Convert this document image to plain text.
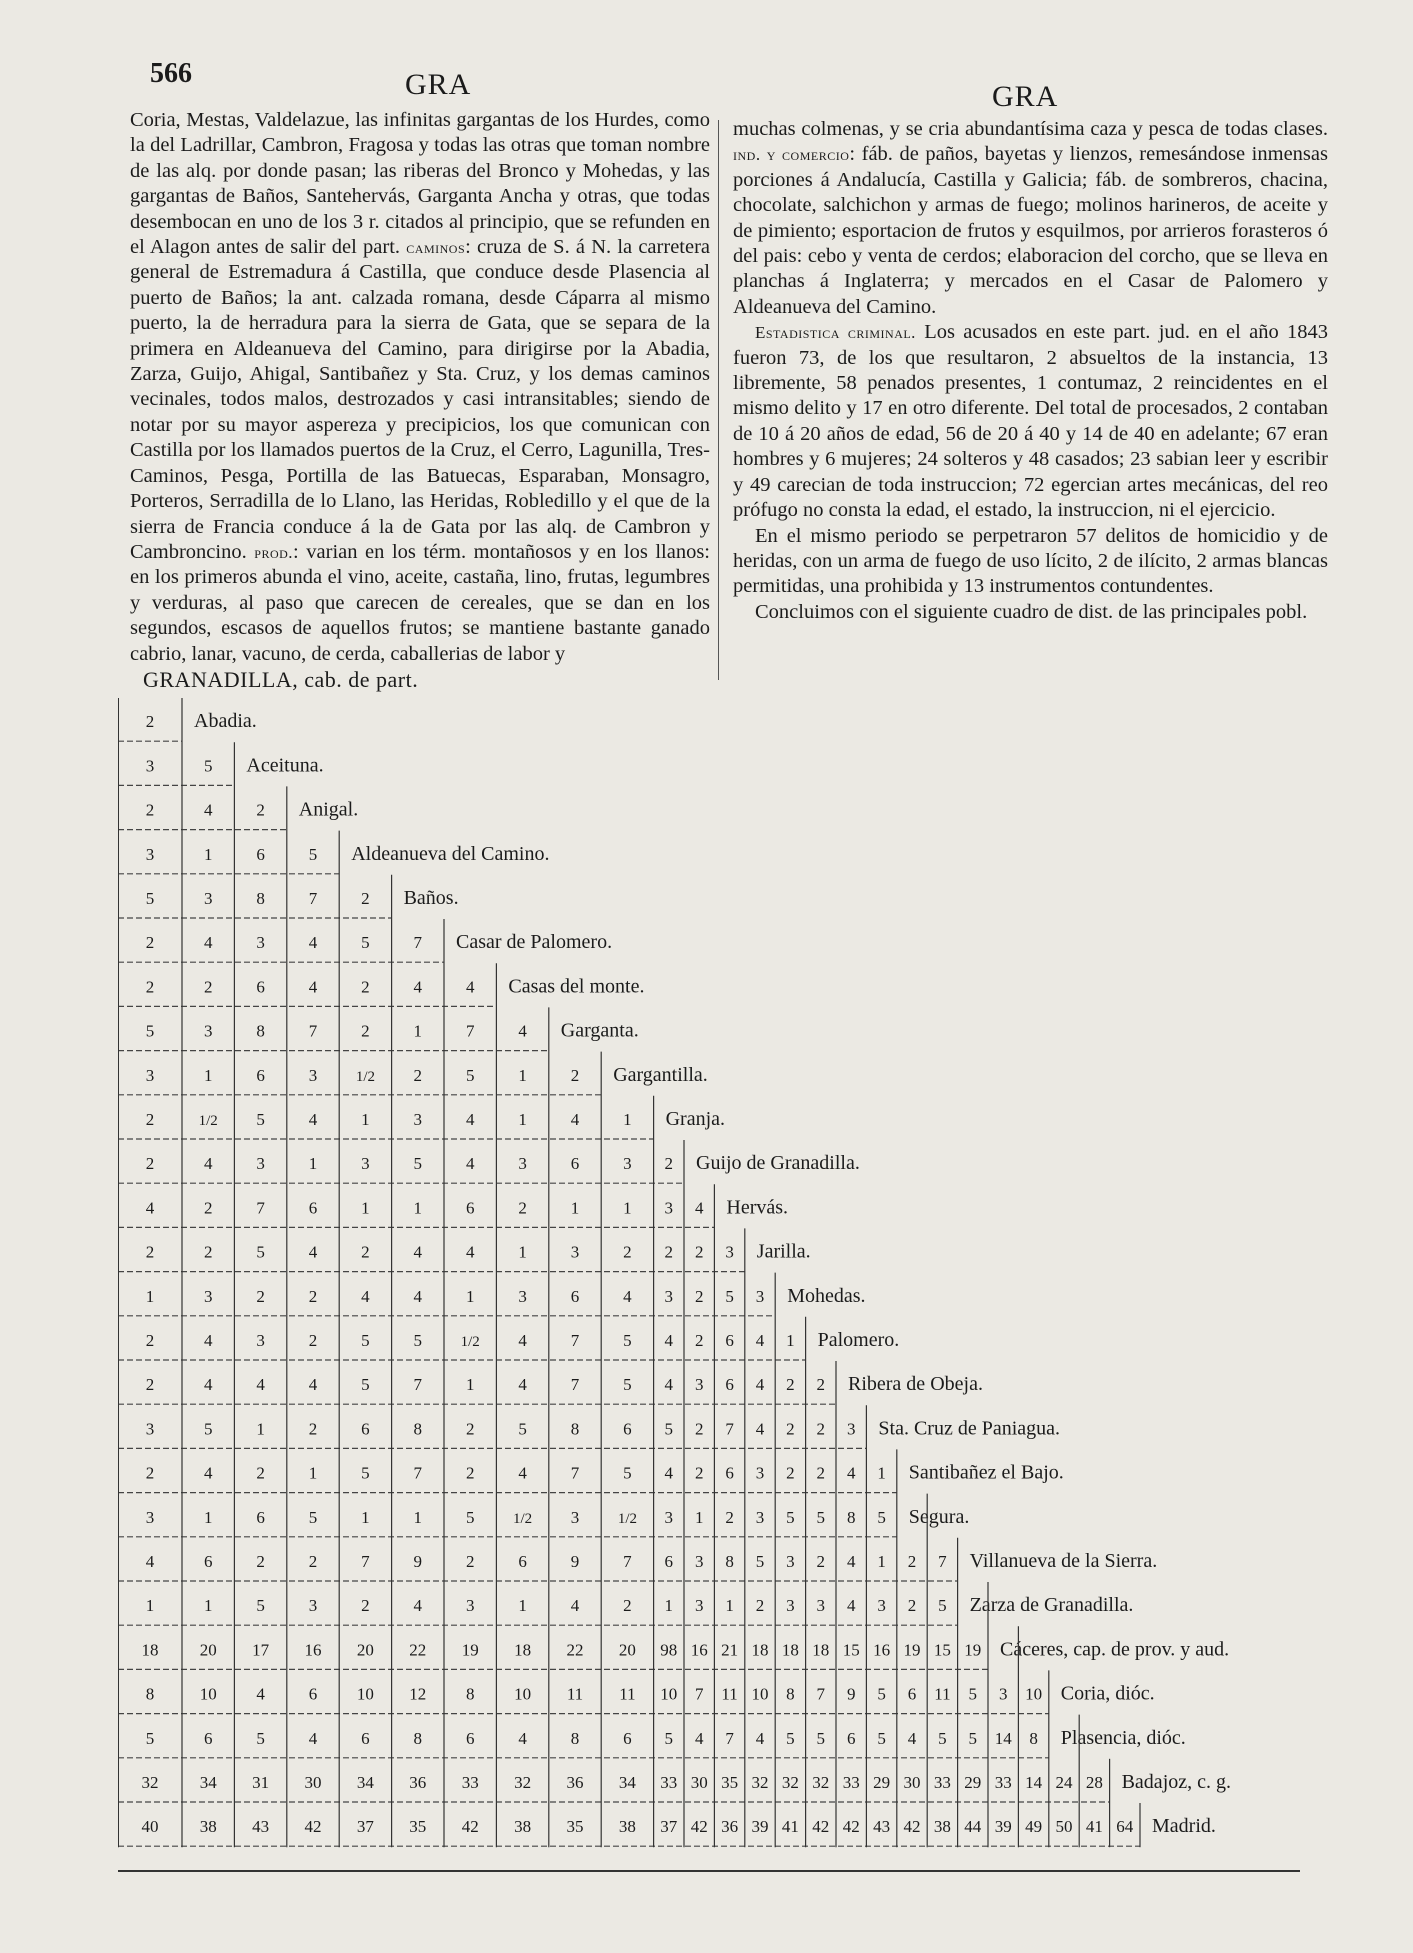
566	GRA	GRA

Coria, Mestas, Valdelazue, las infinitas gargantas de los Hurdes, como la del Ladrillar, Cambron, Fragosa y todas las otras que toman nombre de las alq. por donde pasan; las riberas del Bronco y Mohedas, y las gargantas de Baños, Santehervás, Garganta Ancha y otras, que todas desembocan en uno de los 3 r. citados al principio, que se refunden en el Alagon antes de salir del part. caminos: cruza de S. á N. la carretera general de Estremadura á Castilla, que conduce desde Plasencia al puerto de Baños; la ant. calzada romana, desde Cáparra al mismo puerto, la de herradura para la sierra de Gata, que se separa de la primera en Aldeanueva del Camino, para dirigirse por la Abadia, Zarza, Guijo, Ahigal, Santibañez y Sta. Cruz, y los demas caminos vecinales, todos malos, destrozados y casi intransitables; siendo de notar por su mayor aspereza y precipicios, los que comunican con Castilla por los llamados puertos de la Cruz, el Cerro, Lagunilla, Tres-Caminos, Pesga, Portilla de las Batuecas, Esparaban, Monsagro, Porteros, Serradilla de lo Llano, las Heridas, Robledillo y el que de la sierra de Francia conduce á la de Gata por las alq. de Cambron y Cambroncino. prod.: varian en los térm. montañosos y en los llanos: en los primeros abunda el vino, aceite, castaña, lino, frutas, legumbres y verduras, al paso que carecen de cereales, que se dan en los segundos, escasos de aquellos frutos; se mantiene bastante ganado cabrio, lanar, vacuno, de cerda, caballerias de labor y

muchas colmenas, y se cria abundantísima caza y pesca de todas clases. ind. y comercio: fáb. de paños, bayetas y lienzos, remesándose inmensas porciones á Andalucía, Castilla y Galicia; fáb. de sombreros, chacina, chocolate, salchichon y armas de fuego; molinos harineros, de aceite y de pimiento; esportacion de frutos y esquilmos, por arrieros forasteros ó del pais: cebo y venta de cerdos; elaboracion del corcho, que se lleva en planchas á Inglaterra; y mercados en el Casar de Palomero y Aldeanueva del Camino.

Estadistica criminal. Los acusados en este part. jud. en el año 1843 fueron 73, de los que resultaron, 2 absueltos de la instancia, 13 libremente, 58 penados presentes, 1 contumaz, 2 reincidentes en el mismo delito y 17 en otro diferente. Del total de procesados, 2 contaban de 10 á 20 años de edad, 56 de 20 á 40 y 14 de 40 en adelante; 67 eran hombres y 6 mujeres; 24 solteros y 48 casados; 23 sabian leer y escribir y 49 carecian de toda instruccion; 72 egercian artes mecánicas, del reo prófugo no consta la edad, el estado, la instruccion, ni el ejercicio.

En el mismo periodo se perpetraron 57 delitos de homicidio y de heridas, con un arma de fuego de uso lícito, 2 de ilícito, 2 armas blancas permitidas, una prohibida y 13 instrumentos contundentes.

Concluimos con el siguiente cuadro de dist. de las principales pobl.

GRANADILLA, cab. de part.
2 Abadia.
3	5 Aceituna.
2	4	2 Anigal.
3	1	6	5 Aldeanueva del Camino.
5	3	8	7	2 Baños.
2	4	3	4	5	7 Casar de Palomero.
2	2	6	4	2	4	4 Casas del monte.
5	3	8	7	2	1	7	4 Garganta.
3	1	6	3	1/2 2	5	1	2 Gargantilla.
2	1/2 5	4	1	3	4	1	4	1 Granja.
2	4	3	1	3	5	4	3	6	3 2 Guijo de Granadilla.
4	2	7	6	1	1	6	2	1	1 3 4 Hervás.
2	2	5	4	2	4	4	1	3	2 2 2 3 Jarilla.
1	3	2	2	4	4	1	3	6	4 3 2 5 3 Mohedas.
2	4	3	2	5	5	1/2 4	7	5 4 2 6 4 1 Palomero.
2	4	4	4	5	7	1	4	7	5 4 3 6 4 2 2 Ribera de Obeja.
3	5	1	2	6	8	2	5	8	6 5 2 7 4 2 2 3 Sta. Cruz de Paniagua.
2	4	2	1	5	7	2	4	7	5 4 2 6 3 2 2 4 1 Santibañez el Bajo.
3	1	6	5	1	1	5	1/2 3	1/2 3 1 2 3 5 5 8 5 Segura.
4	6	2	2	7	9	2	6	9	7 6 3 8 5 3 2 4 1 2 7 Villanueva de la Sierra.
1	1	5	3	2	4	3	1	4	2 1 3 1 2 3 3 4 3 2 5 Zarza de Granadilla.
18 20 17 16 20 22 19 18 22 20 98 16 21 18 18 18 15 16 19 15 19 Cáceres, cap. de prov. y aud.
8	10 4	6 10 12 8 10 11 11 10 7 11 10 8 7 9 5 6 11 5 3 10 Coria, dióc.
5	6	5	4	6	8	6	4	8	6 5 4 7 4 5 5 6 5 4 5 5 14 8 Plasencia, dióc.
32 34 31 30 34 36 33 32 36 34 33 30 35 32 32 32 33 29 30 33 29 33 14 24 28 Badajoz, c. g.
40 38 43 42 37 35 42 38 35 38 37 42 36 39 41 42 42 43 42 38 44 39 49 50 41 64 Madrid.
